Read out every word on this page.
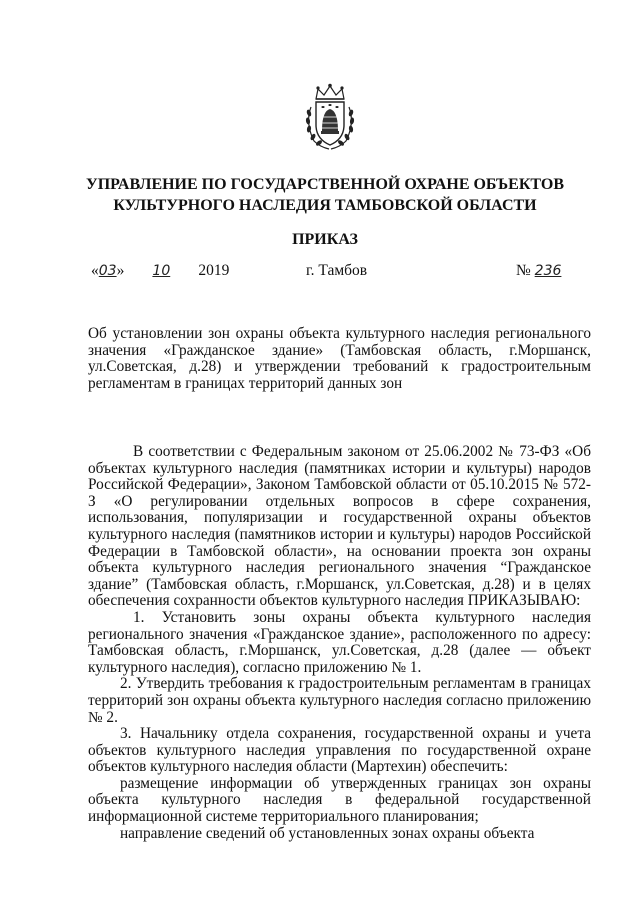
УПРАВЛЕНИЕ ПО ГОСУДАРСТВЕННОЙ ОХРАНЕ ОБЪЕКТОВ
КУЛЬТУРНОГО НАСЛЕДИЯ ТАМБОВСКОЙ ОБЛАСТИ
ПРИКАЗ
«03» 10 2019	г. Тамбов	№ 236

Об установлении зон охраны объекта культурного наследия регионального значения «Гражданское здание» (Тамбовская область, г.Моршанск, ул.Советская, д.28) и утверждении требований к градостроительным регламентам в границах территорий данных зон

В соответствии с Федеральным законом от 25.06.2002 № 73-ФЗ «Об объектах культурного наследия (памятниках истории и культуры) народов Российской Федерации», Законом Тамбовской области от 05.10.2015 № 572-З «О регулировании отдельных вопросов в сфере сохранения, использования, популяризации и государственной охраны объектов культурного наследия (памятников истории и культуры) народов Российской Федерации в Тамбовской области», на основании проекта зон охраны объекта культурного наследия регионального значения “Гражданское здание” (Тамбовская область, г.Моршанск, ул.Советская, д.28) и в целях обеспечения сохранности объектов культурного наследия ПРИКАЗЫВАЮ:

1. Установить зоны охраны объекта культурного наследия регионального значения «Гражданское здание», расположенного по адресу: Тамбовская область, г.Моршанск, ул.Советская, д.28 (далее — объект культурного наследия), согласно приложению № 1.

2. Утвердить требования к градостроительным регламентам в границах территорий зон охраны объекта культурного наследия согласно приложению № 2.

3. Начальнику отдела сохранения, государственной охраны и учета объектов культурного наследия управления по государственной охране объектов культурного наследия области (Мартехин) обеспечить:

размещение информации об утвержденных границах зон охраны объекта культурного наследия в федеральной государственной информационной системе территориального планирования;

направление сведений об установленных зонах охраны объекта
